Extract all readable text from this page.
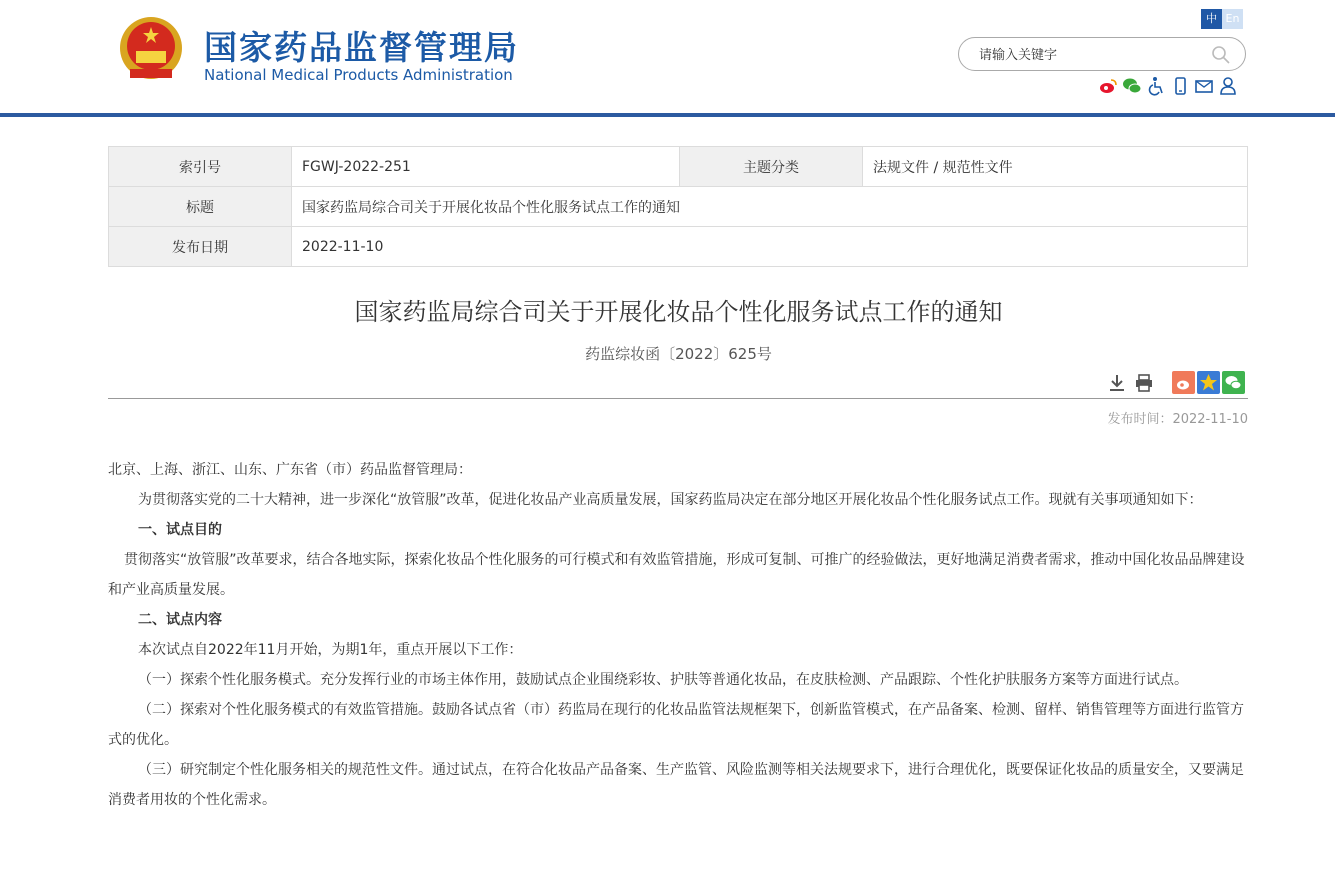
国家药品监督管理局
National Medical Products Administration
中 En
请输入关键字
索引号	FGWJ-2022-251	主题分类	法规文件 / 规范性文件
标题	国家药监局综合司关于开展化妆品个性化服务试点工作的通知		
发布日期	2022-11-10		
国家药监局综合司关于开展化妆品个性化服务试点工作的通知
药监综妆函〔2022〕625号
发布时间：2022-11-10

北京、上海、浙江、山东、广东省（市）药品监督管理局：

为贯彻落实党的二十大精神，进一步深化“放管服”改革，促进化妆品产业高质量发展，国家药监局决定在部分地区开展化妆品个性化服务试点工作。现就有关事项通知如下：

一、试点目的

贯彻落实“放管服”改革要求，结合各地实际，探索化妆品个性化服务的可行模式和有效监管措施，形成可复制、可推广的经验做法，更好地满足消费者需求，推动中国化妆品品牌建设和产业高质量发展。

二、试点内容

本次试点自2022年11月开始，为期1年，重点开展以下工作：

（一）探索个性化服务模式。充分发挥行业的市场主体作用，鼓励试点企业围绕彩妆、护肤等普通化妆品，在皮肤检测、产品跟踪、个性化护肤服务方案等方面进行试点。

（二）探索对个性化服务模式的有效监管措施。鼓励各试点省（市）药监局在现行的化妆品监管法规框架下，创新监管模式，在产品备案、检测、留样、销售管理等方面进行监管方式的优化。

（三）研究制定个性化服务相关的规范性文件。通过试点，在符合化妆品产品备案、生产监管、风险监测等相关法规要求下，进行合理优化，既要保证化妆品的质量安全，又要满足消费者用妆的个性化需求。
